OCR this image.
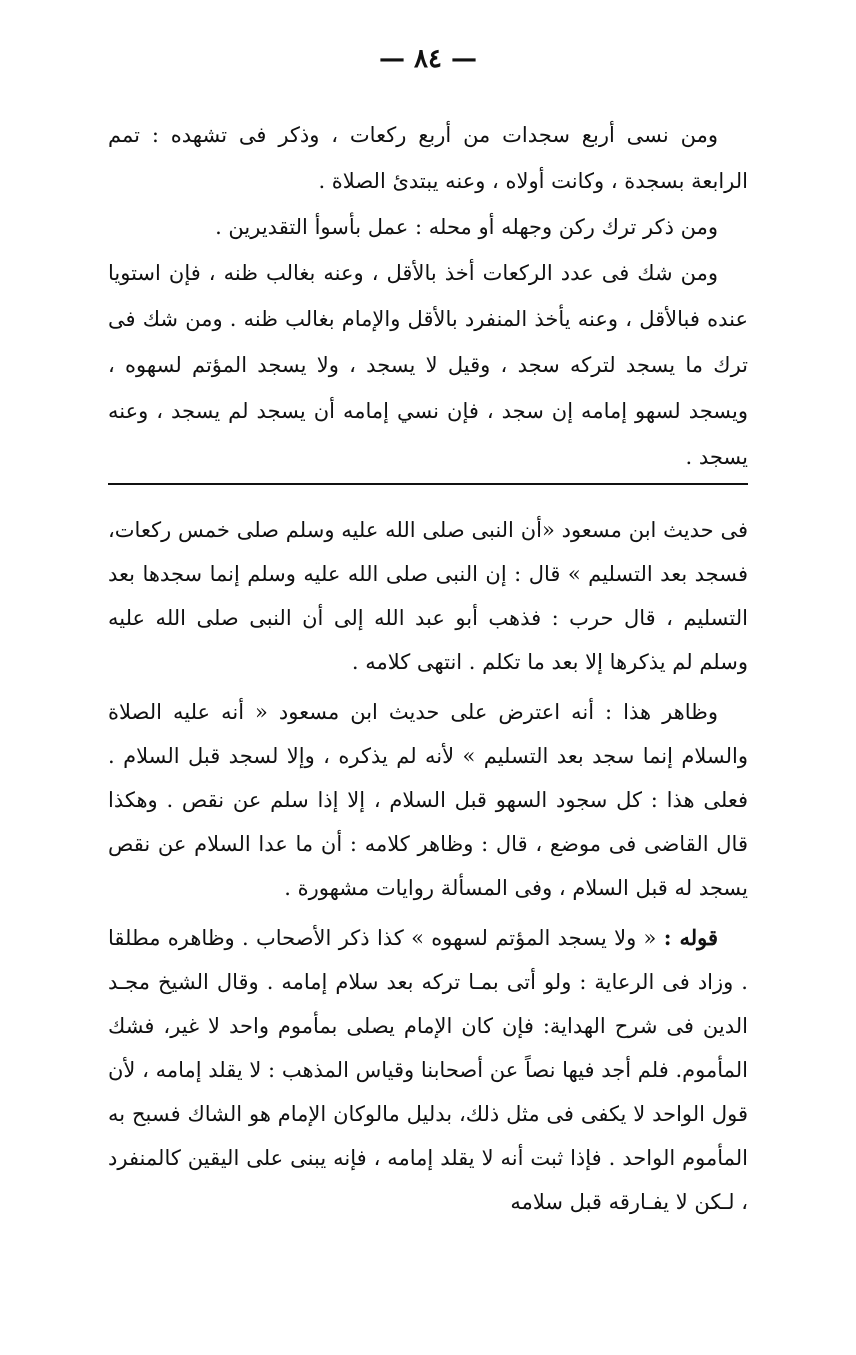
— ٨٤ —

ومن نسى أربع سجدات من أربع ركعات ، وذكر فى تشهده : تمم الرابعة بسجدة ، وكانت أولاه ، وعنه يبتدئ الصلاة .

ومن ذكر ترك ركن وجهله أو محله : عمل بأسوأ التقديرين .

ومن شك فى عدد الركعات أخذ بالأقل ، وعنه بغالب ظنه ، فإن استويا عنده فبالأقل ، وعنه يأخذ المنفرد بالأقل والإمام بغالب ظنه . ومن شك فى ترك ما يسجد لتركه سجد ، وقيل لا يسجد ، ولا يسجد المؤتم لسهوه ، ويسجد لسهو إمامه إن سجد ، فإن نسي إمامه أن يسجد لم يسجد ، وعنه يسجد .

فى حديث ابن مسعود «أن النبى صلى الله عليه وسلم صلى خمس ركعات، فسجد بعد التسليم » قال : إن النبى صلى الله عليه وسلم إنما سجدها بعد التسليم ، قال حرب : فذهب أبو عبد الله إلى أن النبى صلى الله عليه وسلم لم يذكرها إلا بعد ما تكلم . انتهى كلامه .

وظاهر هذا : أنه اعترض على حديث ابن مسعود « أنه عليه الصلاة والسلام إنما سجد بعد التسليم » لأنه لم يذكره ، وإلا لسجد قبل السلام . فعلى هذا : كل سجود السهو قبل السلام ، إلا إذا سلم عن نقص . وهكذا قال القاضى فى موضع ، قال : وظاهر كلامه : أن ما عدا السلام عن نقص يسجد له قبل السلام ، وفى المسألة روايات مشهورة .

قوله : « ولا يسجد المؤتم لسهوه » كذا ذكر الأصحاب . وظاهره مطلقا . وزاد فى الرعاية : ولو أتى بمـا تركه بعد سلام إمامه . وقال الشيخ مجـد الدين فى شرح الهداية: فإن كان الإمام يصلى بمأموم واحد لا غير، فشك المأموم. فلم أجد فيها نصاً عن أصحابنا وقياس المذهب : لا يقلد إمامه ، لأن قول الواحد لا يكفى فى مثل ذلك، بدليل مالوكان الإمام هو الشاك فسبح به المأموم الواحد . فإذا ثبت أنه لا يقلد إمامه ، فإنه يبنى على اليقين كالمنفرد ، لـكن لا يفـارقه قبل سلامه
